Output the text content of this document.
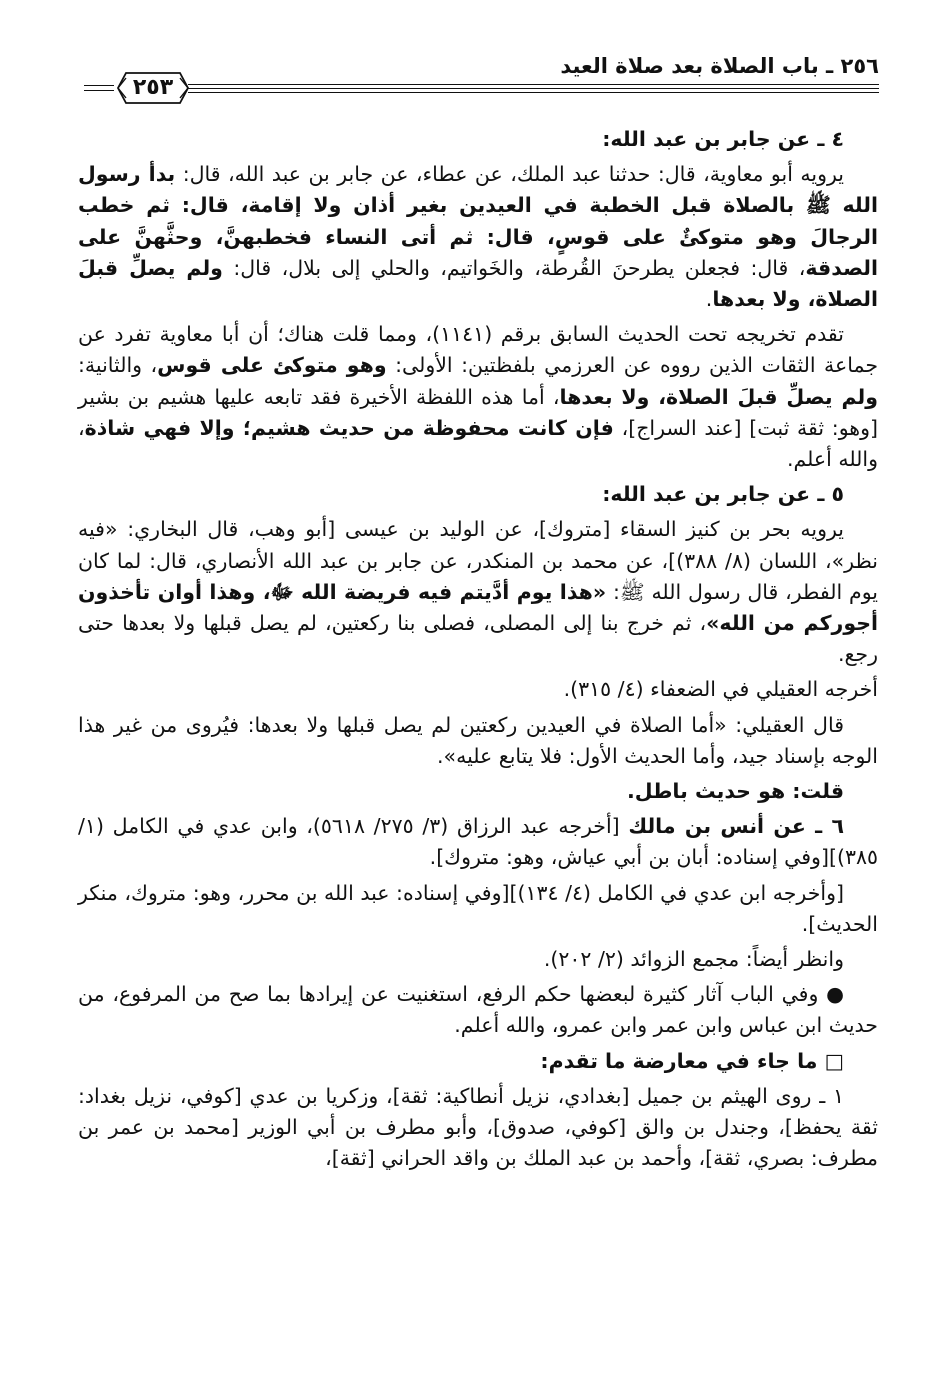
٢٥٦ ـ باب الصلاة بعد صلاة العيد
٢٥٣

٤ ـ عن جابر بن عبد الله:

يرويه أبو معاوية، قال: حدثنا عبد الملك، عن عطاء، عن جابر بن عبد الله، قال: بدأ رسول الله ﷺ بالصلاة قبل الخطبة في العيدين بغير أذان ولا إقامة، قال: ثم خطب الرجالَ وهو متوكئٌ على قوسٍ، قال: ثم أتى النساء فخطبهنَّ، وحثَّهنَّ على الصدقة، قال: فجعلن يطرحنَ القُرطة، والخَواتيم، والحلي إلى بلال، قال: ولم يصلِّ قبلَ الصلاة، ولا بعدها.

تقدم تخريجه تحت الحديث السابق برقم (١١٤١)، ومما قلت هناك؛ أن أبا معاوية تفرد عن جماعة الثقات الذين رووه عن العرزمي بلفظتين: الأولى: وهو متوكئ على قوس، والثانية: ولم يصلِّ قبلَ الصلاة، ولا بعدها، أما هذه اللفظة الأخيرة فقد تابعه عليها هشيم بن بشير [وهو: ثقة ثبت] [عند السراج]، فإن كانت محفوظة من حديث هشيم؛ وإلا فهي شاذة، والله أعلم.

٥ ـ عن جابر بن عبد الله:

يرويه بحر بن كنيز السقاء [متروك]، عن الوليد بن عيسى [أبو وهب، قال البخاري: «فيه نظر»، اللسان (٨/ ٣٨٨)]، عن محمد بن المنكدر، عن جابر بن عبد الله الأنصاري، قال: لما كان يوم الفطر، قال رسول الله ﷺ: «هذا يوم أدَّيتم فيه فريضة الله ﷻ، وهذا أوان تأخذون أجوركم من الله»، ثم خرج بنا إلى المصلى، فصلى بنا ركعتين، لم يصل قبلها ولا بعدها حتى رجع.

أخرجه العقيلي في الضعفاء (٤/ ٣١٥).

قال العقيلي: «أما الصلاة في العيدين ركعتين لم يصل قبلها ولا بعدها: فيُروى من غير هذا الوجه بإسناد جيد، وأما الحديث الأول: فلا يتابع عليه».

قلت: هو حديث باطل.

٦ ـ عن أنس بن مالك [أخرجه عبد الرزاق (٣/ ٢٧٥/ ٥٦١٨)، وابن عدي في الكامل (١/ ٣٨٥)][وفي إسناده: أبان بن أبي عياش، وهو: متروك].

[وأخرجه ابن عدي في الكامل (٤/ ١٣٤)][وفي إسناده: عبد الله بن محرر، وهو: متروك، منكر الحديث].

وانظر أيضاً: مجمع الزوائد (٢/ ٢٠٢).

● وفي الباب آثار كثيرة لبعضها حكم الرفع، استغنيت عن إيرادها بما صح من المرفوع، من حديث ابن عباس وابن عمر وابن عمرو، والله أعلم.

□ ما جاء في معارضة ما تقدم:

١ ـ روى الهيثم بن جميل [بغدادي، نزيل أنطاكية: ثقة]، وزكريا بن عدي [كوفي، نزيل بغداد: ثقة يحفظ]، وجندل بن والق [كوفي، صدوق]، وأبو مطرف بن أبي الوزير [محمد بن عمر بن مطرف: بصري، ثقة]، وأحمد بن عبد الملك بن واقد الحراني [ثقة]،
